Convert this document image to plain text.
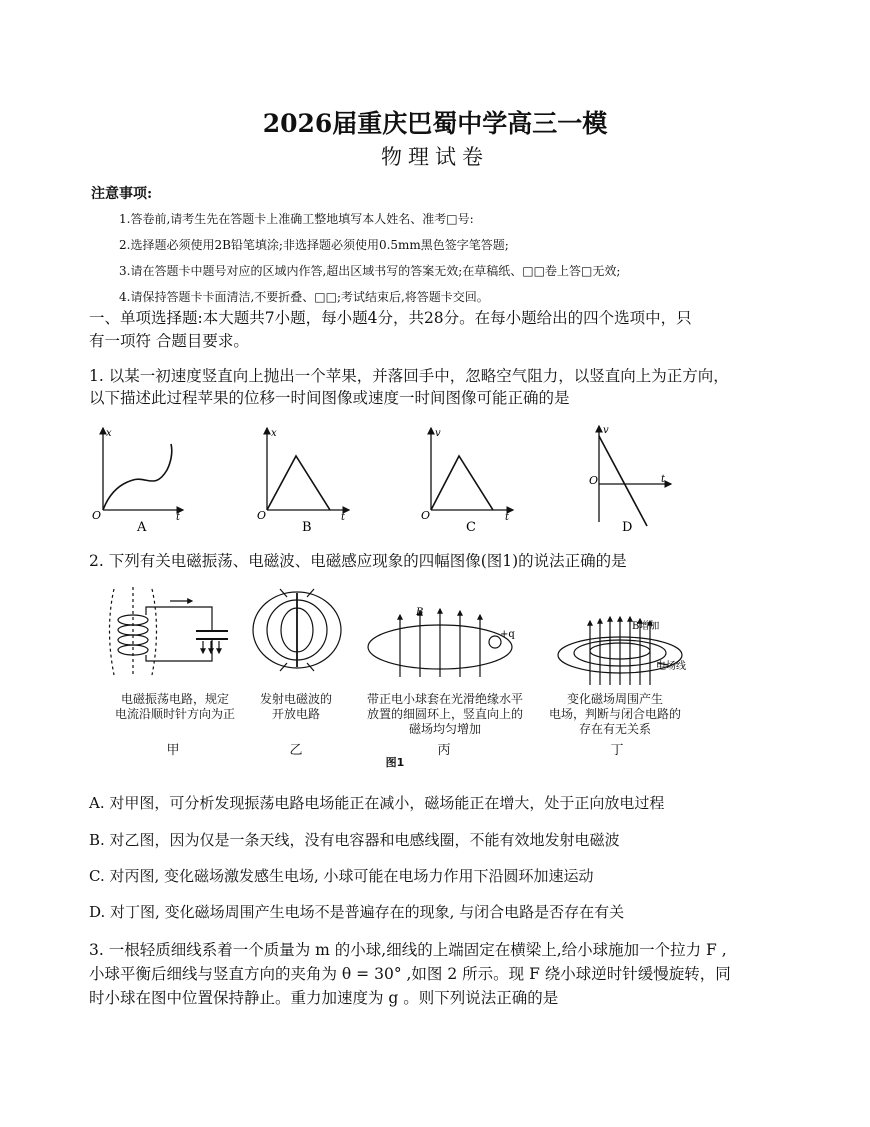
2026届重庆巴蜀中学高三一模
物理试卷
注意事项:
1.答卷前,请考生先在答题卡上准确工整地填写本人姓名、准考□号:
2.选择题必须使用2B铅笔填涂;非选择题必须使用0.5mm黑色签字笔答题;
3.请在答题卡中题号对应的区域内作答,超出区域书写的答案无效;在草稿纸、□□卷上答□无效;
4.请保持答题卡卡面清洁,不要折叠、□□;考试结束后,将答题卡交回。
一、单项选择题:本大题共7小题，每小题4分，共28分。在每小题给出的四个选项中，只
有一项符 合题目要求。
1. 以某一初速度竖直向上抛出一个苹果，并落回手中，忽略空气阻力，以竖直向上为正方向，
以下描述此过程苹果的位移一时间图像或速度一时间图像可能正确的是
x
t
O
A
x
t
O
B
v
t
O
C
v
t
O
D
2. 下列有关电磁振荡、电磁波、电磁感应现象的四幅图像(图1)的说法正确的是
B
+q
B增加
电场线
电磁振荡电路，规定
电流沿顺时针方向为正
发射电磁波的
开放电路
带正电小球套在光滑绝缘水平
放置的细圆环上，竖直向上的
磁场均匀增加
变化磁场周围产生
电场，判断与闭合电路的
存在有无关系
甲	乙	丙	丁
图1
A. 对甲图，可分析发现振荡电路电场能正在减小，磁场能正在增大，处于正向放电过程
B. 对乙图，因为仅是一条天线，没有电容器和电感线圈，不能有效地发射电磁波
C. 对丙图, 变化磁场激发感生电场, 小球可能在电场力作用下沿圆环加速运动
D. 对丁图, 变化磁场周围产生电场不是普遍存在的现象, 与闭合电路是否存在有关
3. 一根轻质细线系着一个质量为 m 的小球,细线的上端固定在横梁上,给小球施加一个拉力 F ,
小球平衡后细线与竖直方向的夹角为 θ = 30° ,如图 2 所示。现 F 绕小球逆时针缓慢旋转，同
时小球在图中位置保持静止。重力加速度为 g 。则下列说法正确的是
